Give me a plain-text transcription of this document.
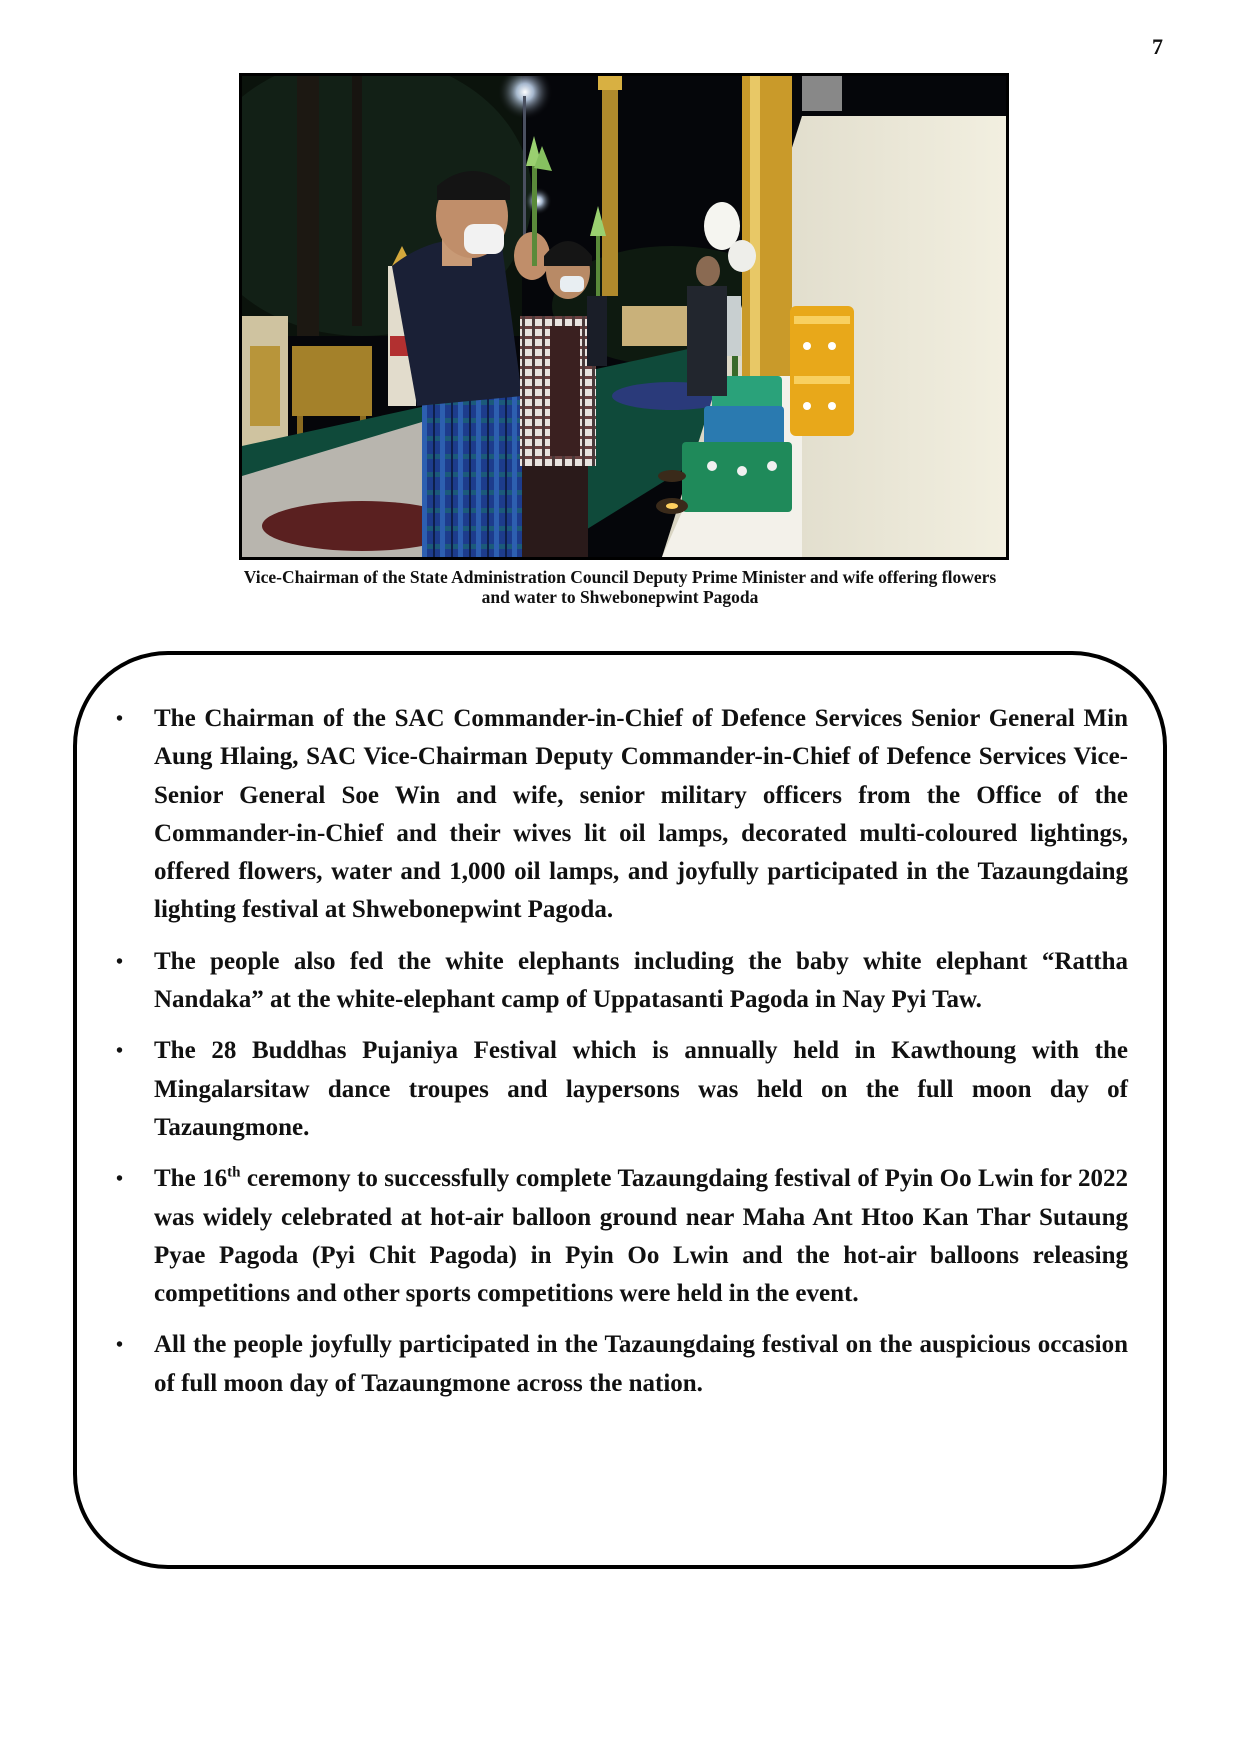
7
Vice-Chairman of the State Administration Council Deputy Prime Minister and wife offering flowers
and water to Shwebonepwint Pagoda
• The Chairman of the SAC Commander-in-Chief of Defence Services Senior General Min Aung Hlaing, SAC Vice-Chairman Deputy Commander-in-Chief of Defence Services Vice-Senior General Soe Win and wife, senior military officers from the Office of the Commander-in-Chief and their wives lit oil lamps, decorated multi-coloured lightings, offered flowers, water and 1,000 oil lamps, and joyfully participated in the Tazaungdaing lighting festival at Shwebonepwint Pagoda.
• The people also fed the white elephants including the baby white elephant “Rattha Nandaka” at the white-elephant camp of Uppatasanti Pagoda in Nay Pyi Taw.
• The 28 Buddhas Pujaniya Festival which is annually held in Kawthoung with the Mingalarsitaw dance troupes and laypersons was held on the full moon day of Tazaungmone.
• The 16th ceremony to successfully complete Tazaungdaing festival of Pyin Oo Lwin for 2022 was widely celebrated at hot-air balloon ground near Maha Ant Htoo Kan Thar Sutaung Pyae Pagoda (Pyi Chit Pagoda) in Pyin Oo Lwin and the hot-air balloons releasing competitions and other sports competitions were held in the event.
• All the people joyfully participated in the Tazaungdaing festival on the auspicious occasion of full moon day of Tazaungmone across the nation.
